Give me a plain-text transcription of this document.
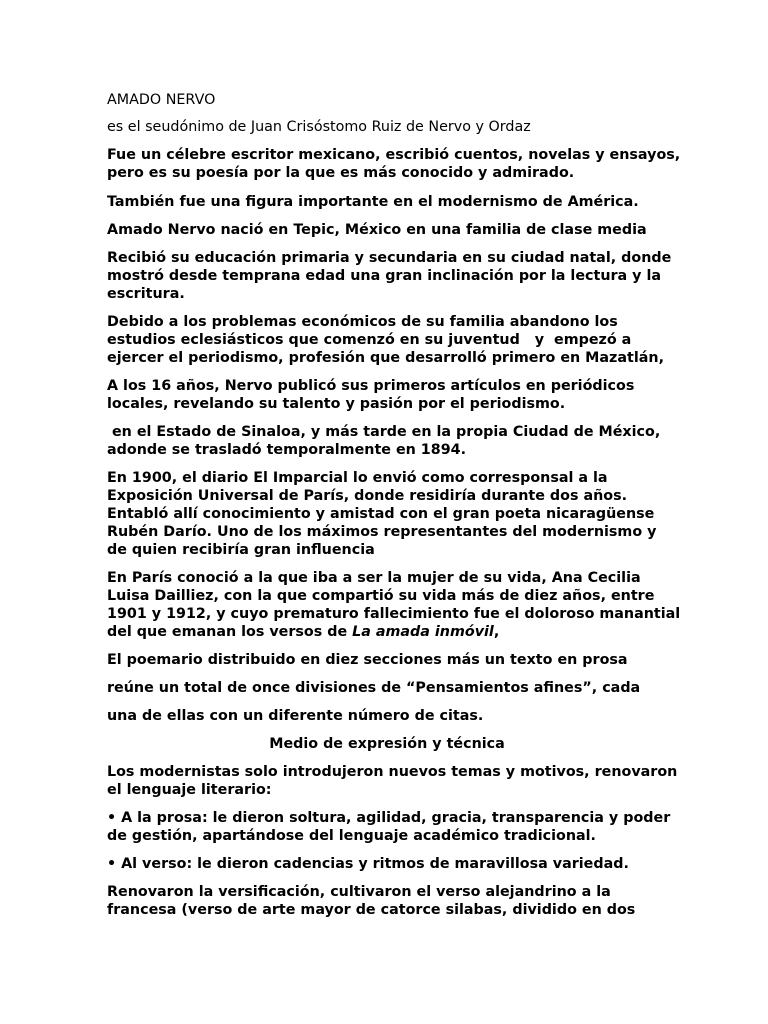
AMADO NERVO

es el seudónimo de Juan Crisóstomo Ruiz de Nervo y Ordaz

Fue un célebre escritor mexicano, escribió cuentos, novelas y ensayos,
pero es su poesía por la que es más conocido y admirado.

También fue una figura importante en el modernismo de América.

Amado Nervo nació en Tepic, México en una familia de clase media

Recibió su educación primaria y secundaria en su ciudad natal, donde
mostró desde temprana edad una gran inclinación por la lectura y la
escritura.

Debido a los problemas económicos de su familia abandono los
estudios eclesiásticos que comenzó en su juventud   y  empezó a
ejercer el periodismo, profesión que desarrolló primero en Mazatlán,

A los 16 años, Nervo publicó sus primeros artículos en periódicos
locales, revelando su talento y pasión por el periodismo.

en el Estado de Sinaloa, y más tarde en la propia Ciudad de México,
adonde se trasladó temporalmente en 1894.

En 1900, el diario El Imparcial lo envió como corresponsal a la
Exposición Universal de París, donde residiría durante dos años.
Entabló allí conocimiento y amistad con el gran poeta nicaragüense
Rubén Darío. Uno de los máximos representantes del modernismo y
de quien recibiría gran influencia

En París conoció a la que iba a ser la mujer de su vida, Ana Cecilia
Luisa Dailliez, con la que compartió su vida más de diez años, entre
1901 y 1912, y cuyo prematuro fallecimiento fue el doloroso manantial
del que emanan los versos de La amada inmóvil,

El poemario distribuido en diez secciones más un texto en prosa

reúne un total de once divisiones de “Pensamientos afines”, cada

una de ellas con un diferente número de citas.

Medio de expresión y técnica

Los modernistas solo introdujeron nuevos temas y motivos, renovaron
el lenguaje literario:

• A la prosa: le dieron soltura, agilidad, gracia, transparencia y poder
de gestión, apartándose del lenguaje académico tradicional.

• Al verso: le dieron cadencias y ritmos de maravillosa variedad.

Renovaron la versificación, cultivaron el verso alejandrino a la
francesa (verso de arte mayor de catorce silabas, dividido en dos
